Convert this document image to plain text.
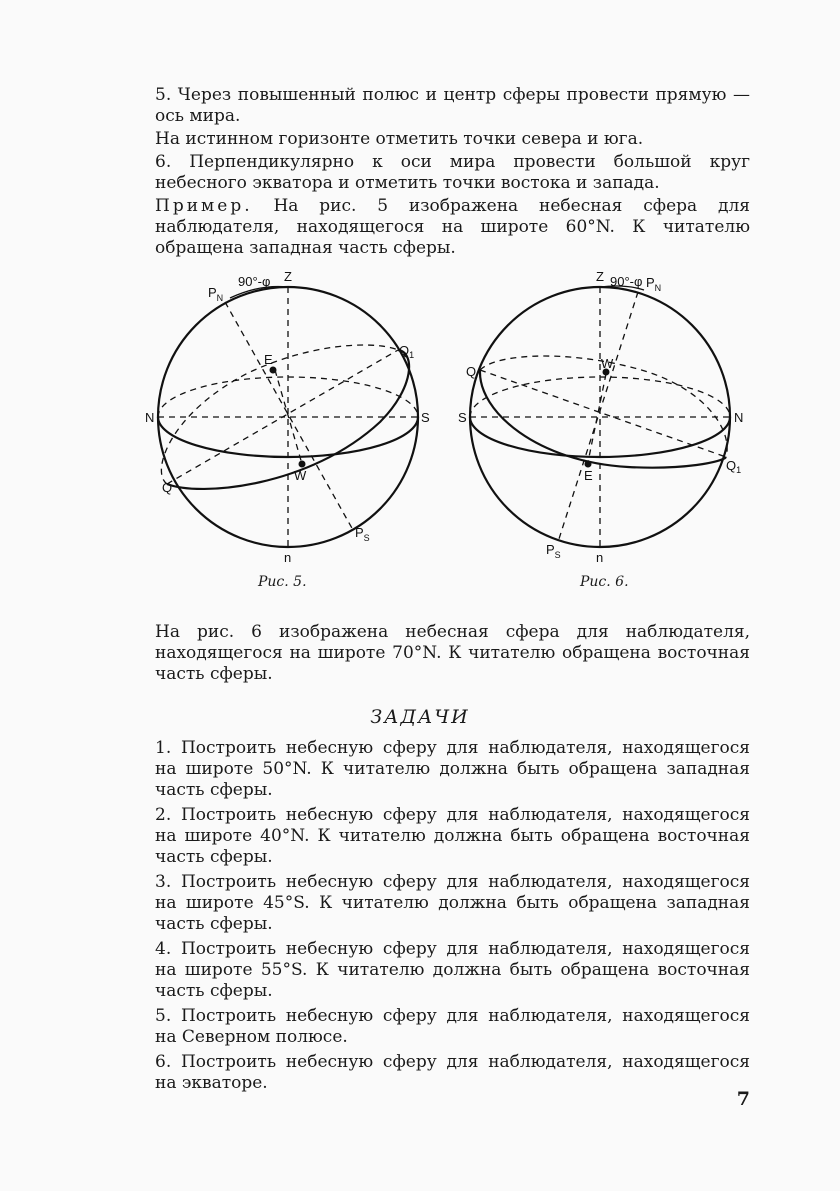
5. Через повышенный полюс и центр сферы провести прямую — ось мира.

На истинном горизонте отметить точки севера и юга.

6. Перпендикулярно к оси мира провести большой круг небесного экватора и отметить точки востока и запада.

Пример. На рис. 5 изображена небесная сфера для наблюдателя, находящегося на широте 60°N. К читателю обращена западная часть сферы.

$P_N$
90°-φ Z
E
$Q_1$
N	S
Q
W
$P_S$
n
Рис. 5.
Z 90°-φ $P_N$
W
Q
S	N
E
$Q_1$
$P_S$	n
Рис. 6.

На рис. 6 изображена небесная сфера для наблюдателя, находящегося на широте 70°N. К читателю обращена восточная часть сферы.

ЗАДАЧИ

1. Построить небесную сферу для наблюдателя, находящегося на широте 50°N. К читателю должна быть обращена западная часть сферы.

2. Построить небесную сферу для наблюдателя, находящегося на широте 40°N. К читателю должна быть обращена восточная часть сферы.

3. Построить небесную сферу для наблюдателя, находящегося на широте 45°S. К читателю должна быть обращена западная часть сферы.

4. Построить небесную сферу для наблюдателя, находящегося на широте 55°S. К читателю должна быть обращена восточная часть сферы.

5. Построить небесную сферу для наблюдателя, находящегося на Северном полюсе.

6. Построить небесную сферу для наблюдателя, находящегося на экваторе.

7
